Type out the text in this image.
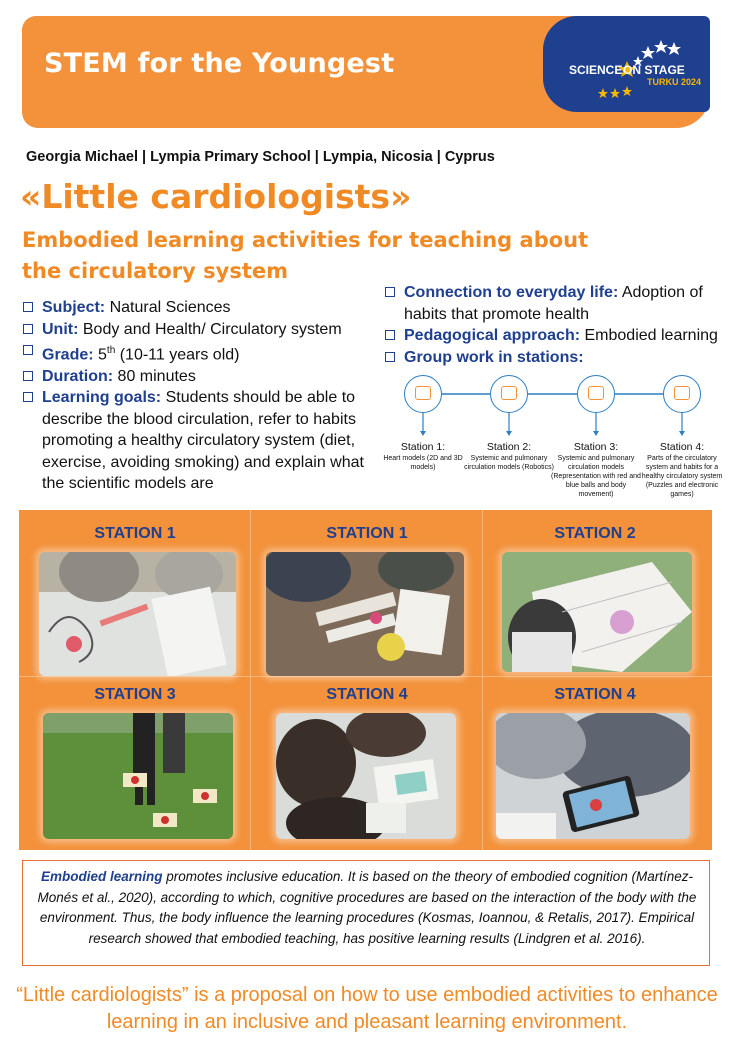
STEM for the Youngest	SCIENCE ON STAGE
TURKU 2024
Georgia Michael | Lympia Primary School | Lympia, Nicosia | Cyprus
«Little cardiologists»
Embodied learning activities for teaching about the circulatory system
Subject: Natural Sciences
Unit: Body and Health/ Circulatory system
Grade: 5th (10-11 years old)
Duration: 80 minutes
Learning goals: Students should be able to describe the blood circulation, refer to habits promoting a healthy circulatory system (diet, exercise, avoiding smoking) and explain what the scientific models are
Connection to everyday life: Adoption of habits that promote health
Pedagogical approach: Embodied learning
Group work in stations:
Station 1:	Station 2:	Station 3:	Station 4:
Heart models (2D and 3D models)
Systemic and pulmonary circulation models (Robotics)
Systemic and pulmonary circulation models (Representation with red and blue balls and body movement)
Parts of the circulatory system and habits for a healthy circulatory system (Puzzles and electronic games)
STATION 1	STATION 1	STATION 2
STATION 3	STATION 4	STATION 4
Embodied learning promotes inclusive education. It is based on the theory of embodied cognition (Martínez-Monés et al., 2020), according to which, cognitive procedures are based on the interaction of the body with the environment. Thus, the body influence the learning procedures (Kosmas, Ioannou, & Retalis, 2017). Empirical research showed that embodied teaching, has positive learning results (Lindgren et al. 2016).
“Little cardiologists” is a proposal on how to use embodied activities to enhance learning in an inclusive and pleasant learning environment.
